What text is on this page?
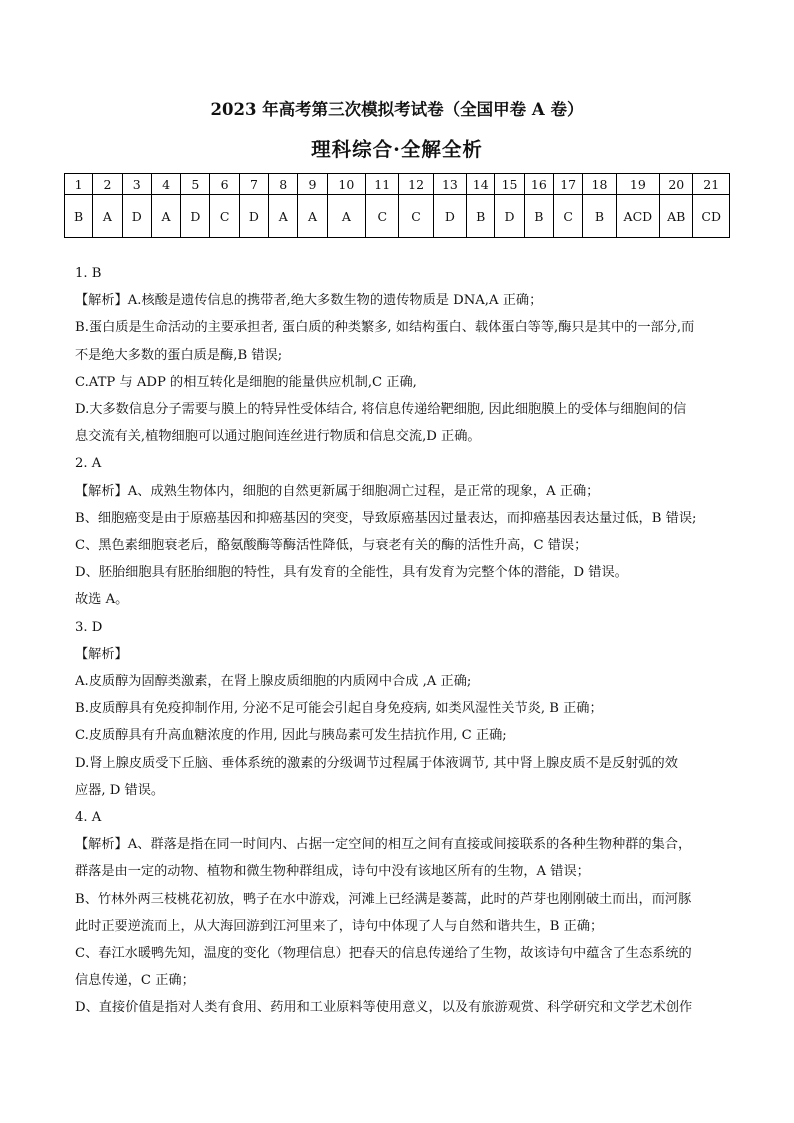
2023 年高考第三次模拟考试卷（全国甲卷 A 卷）
理科综合·全解全析
1	2	3	4	5	6	7	8	9	10	11	12	13	14	15	16	17	18	19	20	21
B	A	D	A	D	C	D	A	A	A	C	C	D	B	D	B	C	B	ACD	AB	CD

1. B

【解析】A.核酸是遗传信息的携带者,绝大多数生物的遗传物质是 DNA,A 正确；

B.蛋白质是生命活动的主要承担者, 蛋白质的种类繁多, 如结构蛋白、载体蛋白等等,酶只是其中的一部分,而

不是绝大多数的蛋白质是酶,B 错误;

C.ATP 与 ADP 的相互转化是细胞的能量供应机制,C 正确,

D.大多数信息分子需要与膜上的特异性受体结合, 将信息传递给靶细胞, 因此细胞膜上的受体与细胞间的信

息交流有关,植物细胞可以通过胞间连丝进行物质和信息交流,D 正确。

2. A

【解析】A、成熟生物体内，细胞的自然更新属于细胞凋亡过程，是正常的现象，A 正确；

B、细胞癌变是由于原癌基因和抑癌基因的突变，导致原癌基因过量表达，而抑癌基因表达量过低，B 错误;

C、黑色素细胞衰老后，酪氨酸酶等酶活性降低，与衰老有关的酶的活性升高，C 错误；

D、胚胎细胞具有胚胎细胞的特性，具有发育的全能性，具有发育为完整个体的潜能，D 错误。

故选 A。

3. D

【解析】

A.皮质醇为固醇类激素，在肾上腺皮质细胞的内质网中合成 ,A 正确;

B.皮质醇具有免疫抑制作用, 分泌不足可能会引起自身免疫病, 如类风湿性关节炎, B 正确；

C.皮质醇具有升高血糖浓度的作用, 因此与胰岛素可发生拮抗作用, C 正确;

D.肾上腺皮质受下丘脑、垂体系统的激素的分级调节过程属于体液调节, 其中肾上腺皮质不是反射弧的效

应器, D 错误。

4. A

【解析】A、群落是指在同一时间内、占据一定空间的相互之间有直接或间接联系的各种生物种群的集合，

群落是由一定的动物、植物和微生物种群组成，诗句中没有该地区所有的生物，A 错误；

B、竹林外两三枝桃花初放，鸭子在水中游戏，河滩上已经满是蒌蒿，此时的芦芽也刚刚破土而出，而河豚

此时正要逆流而上，从大海回游到江河里来了，诗句中体现了人与自然和谐共生，B 正确；

C、春江水暖鸭先知，温度的变化（物理信息）把春天的信息传递给了生物，故该诗句中蕴含了生态系统的

信息传递，C 正确；

D、直接价值是指对人类有食用、药用和工业原料等使用意义，以及有旅游观赏、科学研究和文学艺术创作
